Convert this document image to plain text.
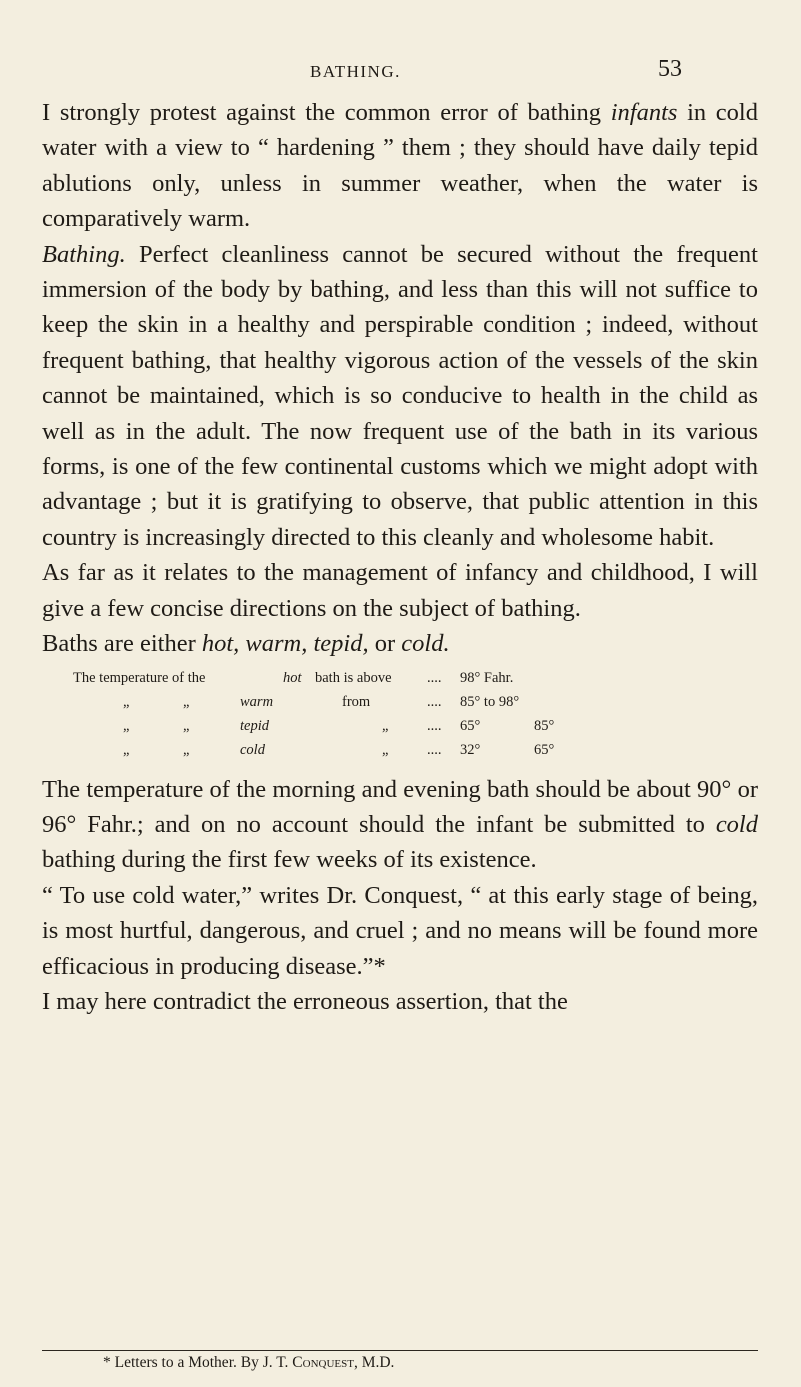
BATHING.	53

I strongly protest against the common error of bathing infants in cold water with a view to “ hardening ” them ; they should have daily tepid ablutions only, unless in summer weather, when the water is comparatively warm.

Bathing. Perfect cleanliness cannot be secured without the frequent immersion of the body by bathing, and less than this will not suffice to keep the skin in a healthy and perspirable condition ; indeed, without frequent bathing, that healthy vigorous action of the vessels of the skin cannot be maintained, which is so conducive to health in the child as well as in the adult. The now frequent use of the bath in its various forms, is one of the few continental customs which we might adopt with advantage ; but it is gratifying to observe, that public attention in this country is increasingly directed to this cleanly and wholesome habit.

As far as it relates to the management of infancy and childhood, I will give a few concise directions on the subject of bathing.

Baths are either hot, warm, tepid, or cold.

The temperature of the	hot bath is above .... 98° Fahr.
„	„	warm	from	.... 85° to 98°
„	„	tepid	„	.... 65°	85°
„	„	cold	„	.... 32°	65°

The temperature of the morning and evening bath should be about 90° or 96° Fahr.; and on no account should the infant be submitted to cold bathing during the first few weeks of its existence.

“ To use cold water,” writes Dr. Conquest, “ at this early stage of being, is most hurtful, dangerous, and cruel ; and no means will be found more efficacious in producing disease.”*

I may here contradict the erroneous assertion, that the

* Letters to a Mother. By J. T. Conquest, M.D.
